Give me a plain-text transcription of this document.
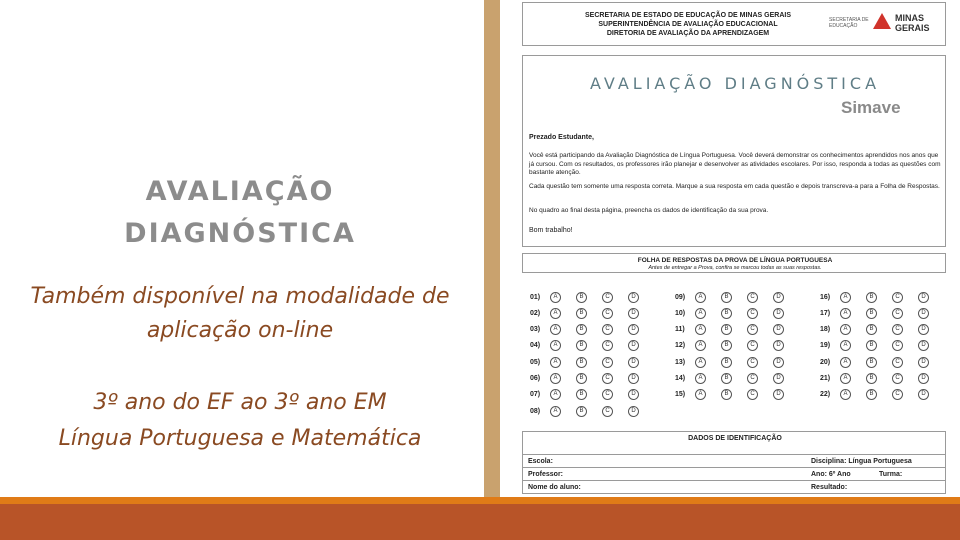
AVALIAÇÃO
DIAGNÓSTICA
Também disponível na modalidade de
aplicação on-line
3º ano do EF ao 3º ano EM
Língua Portuguesa e Matemática
SECRETARIA DE ESTADO DE EDUCAÇÃO DE MINAS GERAIS
SUPERINTENDÊNCIA DE AVALIAÇÃO EDUCACIONAL
DIRETORIA DE AVALIAÇÃO DA APRENDIZAGEM
SECRETARIA DE EDUCAÇÃO
MINAS GERAIS
AVALIAÇÃO DIAGNÓSTICA
Simave
Prezado Estudante,
Você está participando da Avaliação Diagnóstica de Língua Portuguesa. Você deverá demonstrar os conhecimentos aprendidos nos anos que já cursou. Com os resultados, os professores irão planejar e desenvolver as atividades escolares. Por isso, responda a todas as questões com bastante atenção.
Cada questão tem somente uma resposta correta. Marque a sua resposta em cada questão e depois transcreva-a para a Folha de Respostas.
No quadro ao final desta página, preencha os dados de identificação da sua prova.
Bom trabalho!
FOLHA DE RESPOSTAS DA PROVA DE LÍNGUA PORTUGUESA
Antes de entregar a Prova, confira se marcou todas as suas respostas.
01)	A	B	C	D
02)	A	B	C	D
03)	A	B	C	D
04)	A	B	C	D
05)	A	B	C	D
06)	A	B	C	D
07)	A	B	C	D
08)	A	B	C	D
09)	A	B	C	D
10)	A	B	C	D
11)	A	B	C	D
12)	A	B	C	D
13)	A	B	C	D
14)	A	B	C	D
15)	A	B	C	D
16)	A	B	C	D
17)	A	B	C	D
18)	A	B	C	D
19)	A	B	C	D
20)	A	B	C	D
21)	A	B	C	D
22)	A	B	C	D
DADOS DE IDENTIFICAÇÃO
Escola:	Disciplina: Língua Portuguesa
Professor:	Ano: 6º Ano	Turma:
Nome do aluno:	Resultado:
